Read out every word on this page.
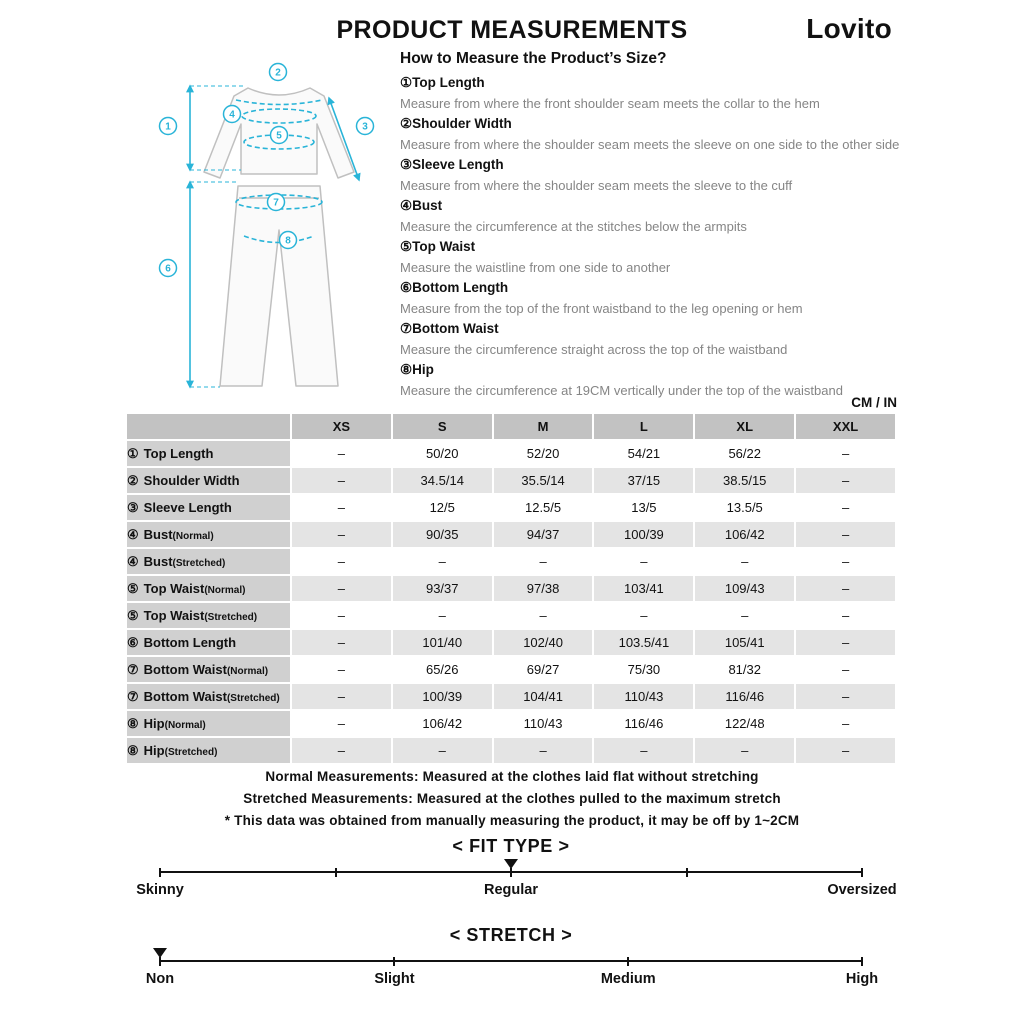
PRODUCT MEASUREMENTS	Lovito
1
2
3
4
5
6
7
8
How to Measure the Product’s Size?
①Top Length
Measure from where the front shoulder seam meets the collar to the hem
②Shoulder Width
Measure from where the shoulder seam meets the sleeve on one side to the other side
③Sleeve Length
Measure from where the shoulder seam meets the sleeve to the cuff
④Bust
Measure the circumference at the stitches below the armpits
⑤Top Waist
Measure the waistline from one side to another
⑥Bottom Length
Measure from the top of the front waistband to the leg opening or hem
⑦Bottom Waist
Measure the circumference straight across the top of the waistband
⑧Hip
Measure the circumference at 19CM vertically under the top of the waistband
CM / IN
	XS	S	M	L	XL	XXL
① Top Length	–	50/20	52/20	54/21	56/22	–
② Shoulder Width	–	34.5/14	35.5/14	37/15	38.5/15	–
③ Sleeve Length	–	12/5	12.5/5	13/5	13.5/5	–
④ Bust(Normal)	–	90/35	94/37	100/39	106/42	–
④ Bust(Stretched)	–	–	–	–	–	–
⑤ Top Waist(Normal)	–	93/37	97/38	103/41	109/43	–
⑤ Top Waist(Stretched)	–	–	–	–	–	–
⑥ Bottom Length	–	101/40	102/40	103.5/41	105/41	–
⑦ Bottom Waist(Normal)	–	65/26	69/27	75/30	81/32	–
⑦ Bottom Waist(Stretched)	–	100/39	104/41	110/43	116/46	–
⑧ Hip(Normal)	–	106/42	110/43	116/46	122/48	–
⑧ Hip(Stretched)	–	–	–	–	–	–
Normal Measurements: Measured at the clothes laid flat without stretching
Stretched Measurements: Measured at the clothes pulled to the maximum stretch
* This data was obtained from manually measuring the product, it may be off by 1~2CM
< FIT TYPE >
Skinny	Regular	Oversized
< STRETCH >
Non	Slight	Medium	High
